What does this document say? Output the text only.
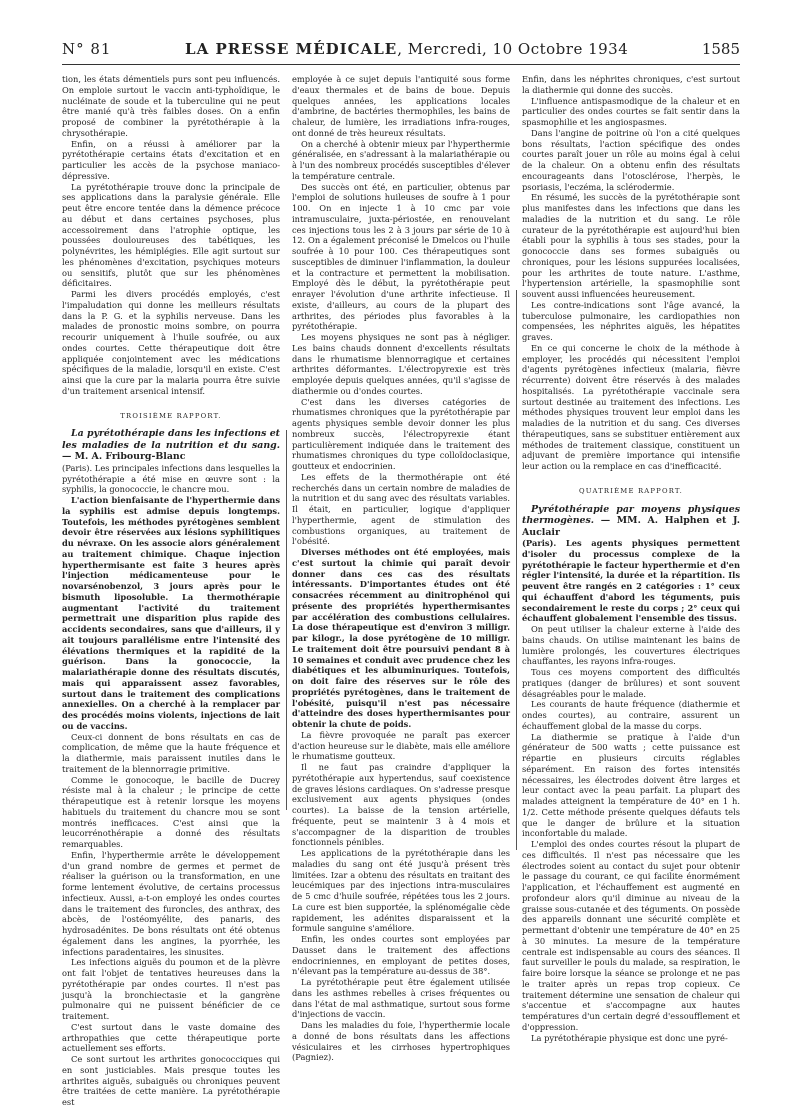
N° 81	LA PRESSE MÉDICALE, Mercredi, 10 Octobre 1934	1585

tion, les états démentiels purs sont peu influencés. On emploie surtout le vaccin anti-typhoïdique, le nucléinate de soude et la tuberculine qui ne peut être manié qu'à très faibles doses. On a enfin proposé de combiner la pyrétothérapie à la chrysothérapie.

Enfin, on a réussi à améliorer par la pyrétothérapie certains états d'excitation et en particulier les accès de la psychose maniaco-dépressive.

La pyrétothérapie trouve donc la principale de ses applications dans la paralysie générale. Elle peut être encore tentée dans la démence précoce au début et dans certaines psychoses, plus accessoirement dans l'atrophie optique, les poussées douloureuses des tabétiques, les polynévrites, les hémiplégies. Elle agit surtout sur les phénomènes d'excitation, psychiques moteurs ou sensitifs, plutôt que sur les phénomènes déficitaires.

Parmi les divers procédés employés, c'est l'impaludation qui donne les meilleurs résultats dans la P. G. et la syphilis nerveuse. Dans les malades de pronostic moins sombre, on pourra recourir uniquement à l'huile soufrée, ou aux ondes courtes. Cette thérapeutique doit être appliquée conjointement avec les médications spécifiques de la maladie, lorsqu'il en existe. C'est ainsi que la cure par la malaria pourra être suivie d'un traitement arsenical intensif.

TROISIÈME RAPPORT.

La pyrétothérapie dans les infections et les maladies de la nutrition et du sang. — M. A. Fribourg-Blanc

(Paris). Les principales infections dans lesquelles la pyrétothérapie a été mise en œuvre sont : la syphilis, la gonococcie, le chancre mou.

L'action bienfaisante de l'hyperthermie dans la syphilis est admise depuis longtemps. Toutefois, les méthodes pyrétogènes semblent devoir être réservées aux lésions syphilitiques du névraxe. On les associe alors généralement au traitement chimique. Chaque injection hyperthermisante est faite 3 heures après l'injection médicamenteuse pour le novarsénobenzol, 3 jours après pour le bismuth liposoluble. La thermothérapie augmentant l'activité du traitement permettrait une disparition plus rapide des accidents secondaires, sans que d'ailleurs, il y ait toujours parallélisme entre l'intensité des élévations thermiques et la rapidité de la guérison. Dans la gonococcie, la malariathérapie donne des résultats discutés, mais qui apparaissent assez favorables, surtout dans le traitement des complications annexielles. On a cherché à la remplacer par des procédés moins violents, injections de lait ou de vaccins.

Ceux-ci donnent de bons résultats en cas de complication, de même que la haute fréquence et la diathermie, mais paraissent inutiles dans le traitement de la blennorragie primitive.

Comme le gonocoque, le bacille de Ducrey résiste mal à la chaleur ; le principe de cette thérapeutique est à retenir lorsque les moyens habituels du traitement du chancre mou se sont montrés inefficaces. C'est ainsi que la leucorrénothérapie a donné des résultats remarquables.

Enfin, l'hyperthermie arrête le développement d'un grand nombre de germes et permet de réaliser la guérison ou la transformation, en une forme lentement évolutive, de certains processus infectieux. Aussi, a-t-on employé les ondes courtes dans le traitement des furoncles, des anthrax, des abcès, de l'ostéomyélite, des panaris, des hydrosadénites. De bons résultats ont été obtenus également dans les angines, la pyorrhée, les infections paradentaires, les sinusites.

Les infections aiguës du poumon et de la plèvre ont fait l'objet de tentatives heureuses dans la pyrétothérapie par ondes courtes. Il n'est pas jusqu'à la bronchiectasie et la gangrène pulmonaire qui ne puissent bénéficier de ce traitement.

C'est surtout dans le vaste domaine des arthropathies que cette thérapeutique porte actuellement ses efforts.

Ce sont surtout les arthrites gonococciques qui en sont justiciables. Mais presque toutes les arthrites aiguës, subaiguës ou chroniques peuvent être traitées de cette manière. La pyrétothérapie est

employée à ce sujet depuis l'antiquité sous forme d'eaux thermales et de bains de boue. Depuis quelques années, les applications locales d'ambrine, de bactéries thermophiles, les bains de chaleur, de lumière, les irradiations infra-rouges, ont donné de très heureux résultats.

On a cherché à obtenir mieux par l'hyperthermie généralisée, en s'adressant à la malariathérapie ou à l'un des nombreux procédés susceptibles d'élever la température centrale.

Des succès ont été, en particulier, obtenus par l'emploi de solutions huileuses de soufre à 1 pour 100. On en injecte 1 à 10 cmc par voie intramusculaire, juxta-périostée, en renouvelant ces injections tous les 2 à 3 jours par série de 10 à 12. On a également préconisé le Dmelcos ou l'huile soufrée à 10 pour 100. Ces thérapeutiques sont susceptibles de diminuer l'inflammation, la douleur et la contracture et permettent la mobilisation. Employé dès le début, la pyrétothérapie peut enrayer l'évolution d'une arthrite infectieuse. Il existe, d'ailleurs, au cours de la plupart des arthrites, des périodes plus favorables à la pyrétothérapie.

Les moyens physiques ne sont pas à négliger. Les bains chauds donnent d'excellents résultats dans le rhumatisme blennorragique et certaines arthrites déformantes. L'électropyrexie est très employée depuis quelques années, qu'il s'agisse de diathermie ou d'ondes courtes.

C'est dans les diverses catégories de rhumatismes chroniques que la pyrétothérapie par agents physiques semble devoir donner les plus nombreux succès, l'électropyrexie étant particulièrement indiquée dans le traitement des rhumatismes chroniques du type colloïdoclasique, goutteux et endocrinien.

Les effets de la thermothérapie ont été recherchés dans un certain nombre de maladies de la nutrition et du sang avec des résultats variables. Il était, en particulier, logique d'appliquer l'hyperthermie, agent de stimulation des combustions organiques, au traitement de l'obésité.

Diverses méthodes ont été employées, mais c'est surtout la chimie qui paraît devoir donner dans ces cas des résultats intéressants. D'importantes études ont été consacrées récemment au dinitrophénol qui présente des propriétés hyperthermisantes par accélération des combustions cellulaires. La dose thérapeutique est d'environ 3 milligr. par kilogr., la dose pyrétogène de 10 milligr. Le traitement doit être poursuivi pendant 8 à 10 semaines et conduit avec prudence chez les diabétiques et les albuminuriques. Toutefois, on doit faire des réserves sur le rôle des propriétés pyrétogènes, dans le traitement de l'obésité, puisqu'il n'est pas nécessaire d'atteindre des doses hyperthermisantes pour obtenir la chute de poids.

La fièvre provoquée ne paraît pas exercer d'action heureuse sur le diabète, mais elle améliore le rhumatisme goutteux.

Il ne faut pas craindre d'appliquer la pyrétothérapie aux hypertendus, sauf coexistence de graves lésions cardiaques. On s'adresse presque exclusivement aux agents physiques (ondes courtes). La baisse de la tension artérielle, fréquente, peut se maintenir 3 à 4 mois et s'accompagner de la disparition de troubles fonctionnels pénibles.

Les applications de la pyrétothérapie dans les maladies du sang ont été jusqu'à présent très limitées. Izar a obtenu des résultats en traitant des leucémiques par des injections intra-musculaires de 5 cmc d'huile soufrée, répétées tous les 2 jours. La cure est bien supportée, la splénomégalie cède rapidement, les adénites disparaissent et la formule sanguine s'améliore.

Enfin, les ondes courtes sont employées par Dausset dans le traitement des affections endocriniennes, en employant de petites doses, n'élevant pas la température au-dessus de 38°.

La pyrétothérapie peut être également utilisée dans les asthmes rebelles à crises fréquentes ou dans l'état de mal asthmatique, surtout sous forme d'injections de vaccin.

Dans les maladies du foie, l'hyperthermie locale a donné de bons résultats dans les affections vésiculaires et les cirrhoses hypertrophiques (Pagniez).

Enfin, dans les néphrites chroniques, c'est surtout la diathermie qui donne des succès.

L'influence antispasmodique de la chaleur et en particulier des ondes courtes se fait sentir dans la spasmophilie et les angiospasmes.

Dans l'angine de poitrine où l'on a cité quelques bons résultats, l'action spécifique des ondes courtes paraît jouer un rôle au moins égal à celui de la chaleur. On a obtenu enfin des résultats encourageants dans l'otosclérose, l'herpès, le psoriasis, l'eczéma, la sclérodermie.

En résumé, les succès de la pyrétothérapie sont plus manifestes dans les infections que dans les maladies de la nutrition et du sang. Le rôle curateur de la pyrétothérapie est aujourd'hui bien établi pour la syphilis à tous ses stades, pour la gonococcie dans ses formes subaiguës ou chroniques, pour les lésions suppurées localisées, pour les arthrites de toute nature. L'asthme, l'hypertension artérielle, la spasmophilie sont souvent aussi influencées heureusement.

Les contre-indications sont l'âge avancé, la tuberculose pulmonaire, les cardiopathies non compensées, les néphrites aiguës, les hépatites graves.

En ce qui concerne le choix de la méthode à employer, les procédés qui nécessitent l'emploi d'agents pyrétogènes infectieux (malaria, fièvre récurrente) doivent être réservés à des malades hospitalisés. La pyrétothérapie vaccinale sera surtout destinée au traitement des infections. Les méthodes physiques trouvent leur emploi dans les maladies de la nutrition et du sang. Ces diverses thérapeutiques, sans se substituer entièrement aux méthodes de traitement classique, constituent un adjuvant de première importance qui intensifie leur action ou la remplace en cas d'inefficacité.

QUATRIÈME RAPPORT.

Pyrétothérapie par moyens physiques thermogènes. — MM. A. Halphen et J. Auclair

(Paris). Les agents physiques permettent d'isoler du processus complexe de la pyrétothérapie le facteur hyperthermie et d'en régler l'intensité, la durée et la répartition. Ils peuvent être rangés en 2 catégories : 1° ceux qui échauffent d'abord les téguments, puis secondairement le reste du corps ; 2° ceux qui échauffent globalement l'ensemble des tissus.

On peut utiliser la chaleur externe à l'aide des bains chauds. On utilise maintenant les bains de lumière prolongés, les couvertures électriques chauffantes, les rayons infra-rouges.

Tous ces moyens comportent des difficultés pratiques (danger de brûlures) et sont souvent désagréables pour le malade.

Les courants de haute fréquence (diathermie et ondes courtes), au contraire, assurent un échauffement global de la masse du corps.

La diathermie se pratique à l'aide d'un générateur de 500 watts ; cette puissance est répartie en plusieurs circuits réglables séparément. En raison des fortes intensités nécessaires, les électrodes doivent être larges et leur contact avec la peau parfait. La plupart des malades atteignent la température de 40° en 1 h. 1/2. Cette méthode présente quelques défauts tels que le danger de brûlure et la situation inconfortable du malade.

L'emploi des ondes courtes résout la plupart de ces difficultés. Il n'est pas nécessaire que les électrodes soient au contact du sujet pour obtenir le passage du courant, ce qui facilite énormément l'application, et l'échauffement est augmenté en profondeur alors qu'il diminue au niveau de la graisse sous-cutanée et des téguments. On possède des appareils donnant une sécurité complète et permettant d'obtenir une température de 40° en 25 à 30 minutes. La mesure de la température centrale est indispensable au cours des séances. Il faut surveiller le pouls du malade, sa respiration, le faire boire lorsque la séance se prolonge et ne pas le traiter après un repas trop copieux. Ce traitement détermine une sensation de chaleur qui s'accentue et s'accompagne aux hautes températures d'un certain degré d'essoufflement et d'oppression.

La pyrétothérapie physique est donc une pyré-
